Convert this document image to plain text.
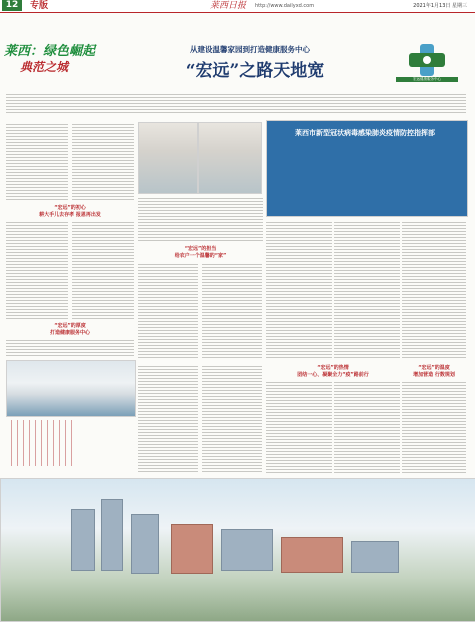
12	专版	莱西日报 http://www.dailyxd.com	2021年1月13日 星期三
莱西：绿色崛起
典范之城
从建设温馨家园到打造健康服务中心
“宏远”之路天地宽	宏远健康服务中心
“宏远”的初心
耕大手儿去存孝 报恩再出发
“宏远”的厚度
打造健康服务中心
“宏远”的担当
给农户一个温馨的“家”
莱西市新型冠状病毒感染肺炎疫情防控指挥部
“宏远”的热情
团结一心、凝聚全力“疫”路前行
“宏远”的温度
增加营造 行数规划
